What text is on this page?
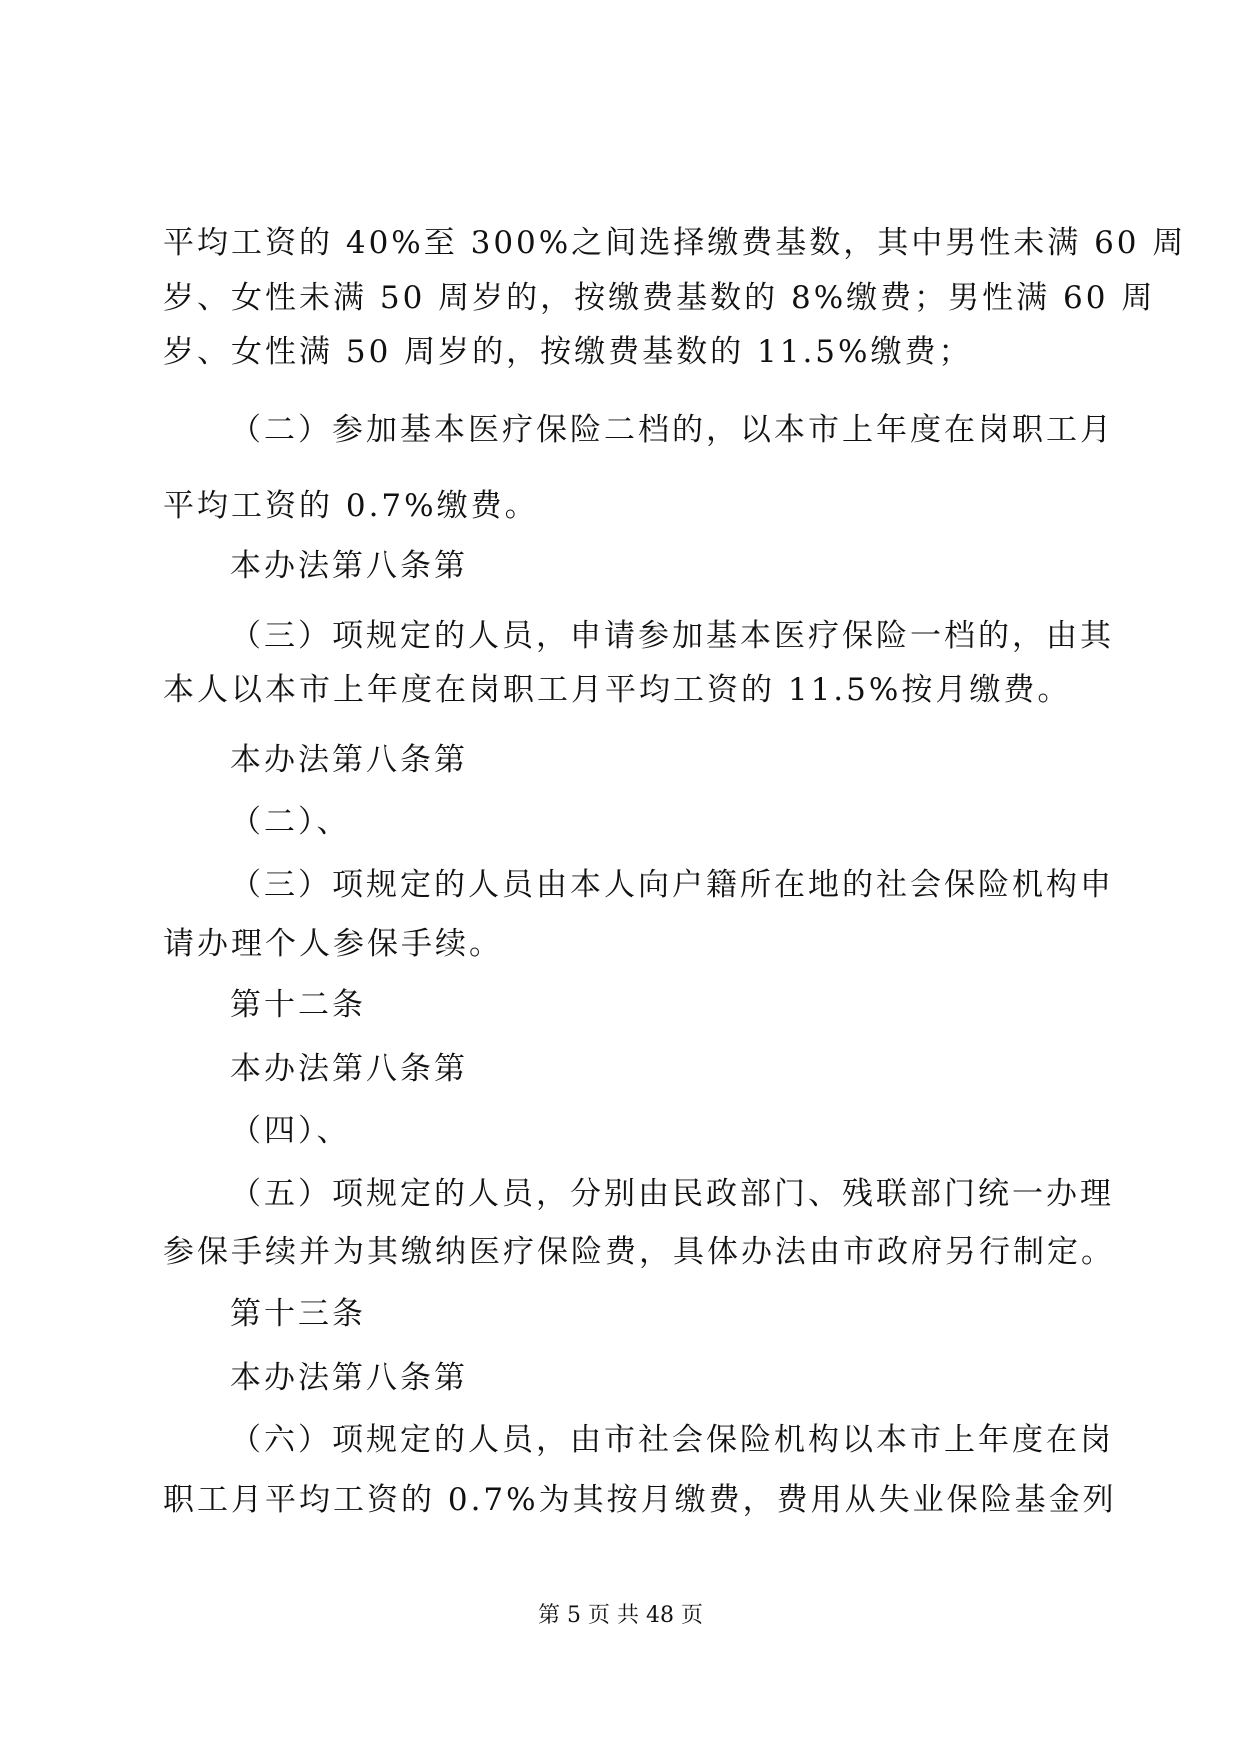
平均工资的 40%至 300%之间选择缴费基数，其中男性未满 60 周
岁、女性未满 50 周岁的，按缴费基数的 8%缴费；男性满 60 周
岁、女性满 50 周岁的，按缴费基数的 11.5%缴费；
（二）参加基本医疗保险二档的，以本市上年度在岗职工月
平均工资的 0.7%缴费。
本办法第八条第
（三）项规定的人员，申请参加基本医疗保险一档的，由其
本人以本市上年度在岗职工月平均工资的 11.5%按月缴费。
本办法第八条第
（二）、
（三）项规定的人员由本人向户籍所在地的社会保险机构申
请办理个人参保手续。
第十二条
本办法第八条第
（四）、
（五）项规定的人员，分别由民政部门、残联部门统一办理
参保手续并为其缴纳医疗保险费，具体办法由市政府另行制定。
第十三条
本办法第八条第
（六）项规定的人员，由市社会保险机构以本市上年度在岗
职工月平均工资的 0.7%为其按月缴费，费用从失业保险基金列
第 5 页 共 48 页
